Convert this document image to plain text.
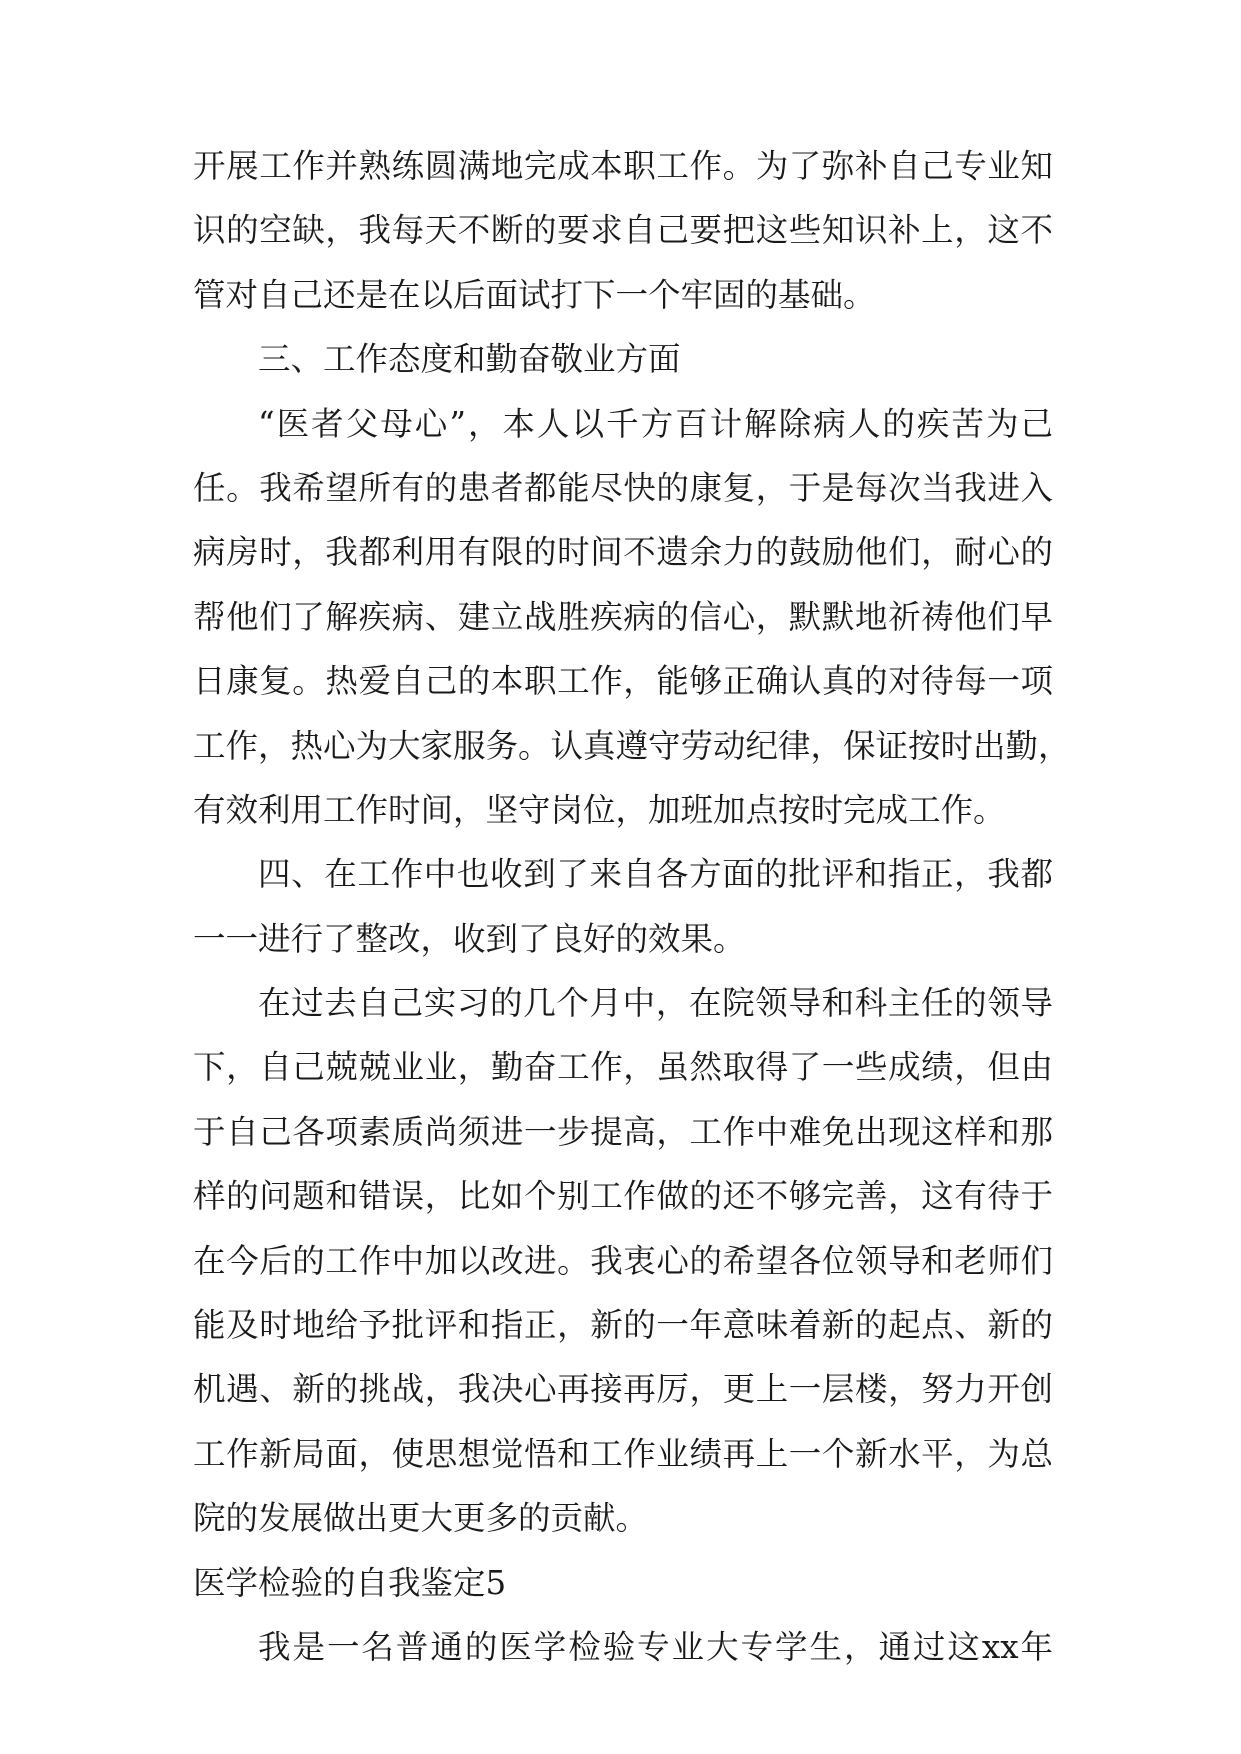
开展工作并熟练圆满地完成本职工作。为了弥补自己专业知
识的空缺，我每天不断的要求自己要把这些知识补上，这不
管对自己还是在以后面试打下一个牢固的基础。
三、工作态度和勤奋敬业方面
“医者父母心”，本人以千方百计解除病人的疾苦为己
任。我希望所有的患者都能尽快的康复，于是每次当我进入
病房时，我都利用有限的时间不遗余力的鼓励他们，耐心的
帮他们了解疾病、建立战胜疾病的信心，默默地祈祷他们早
日康复。热爱自己的本职工作，能够正确认真的对待每一项
工作，热心为大家服务。认真遵守劳动纪律，保证按时出勤，
有效利用工作时间，坚守岗位，加班加点按时完成工作。
四、在工作中也收到了来自各方面的批评和指正，我都
一一进行了整改，收到了良好的效果。
在过去自己实习的几个月中，在院领导和科主任的领导
下，自己兢兢业业，勤奋工作，虽然取得了一些成绩，但由
于自己各项素质尚须进一步提高，工作中难免出现这样和那
样的问题和错误，比如个别工作做的还不够完善，这有待于
在今后的工作中加以改进。我衷心的希望各位领导和老师们
能及时地给予批评和指正，新的一年意味着新的起点、新的
机遇、新的挑战，我决心再接再厉，更上一层楼，努力开创
工作新局面，使思想觉悟和工作业绩再上一个新水平，为总
院的发展做出更大更多的贡献。
医学检验的自我鉴定5
我是一名普通的医学检验专业大专学生，通过这xx年
